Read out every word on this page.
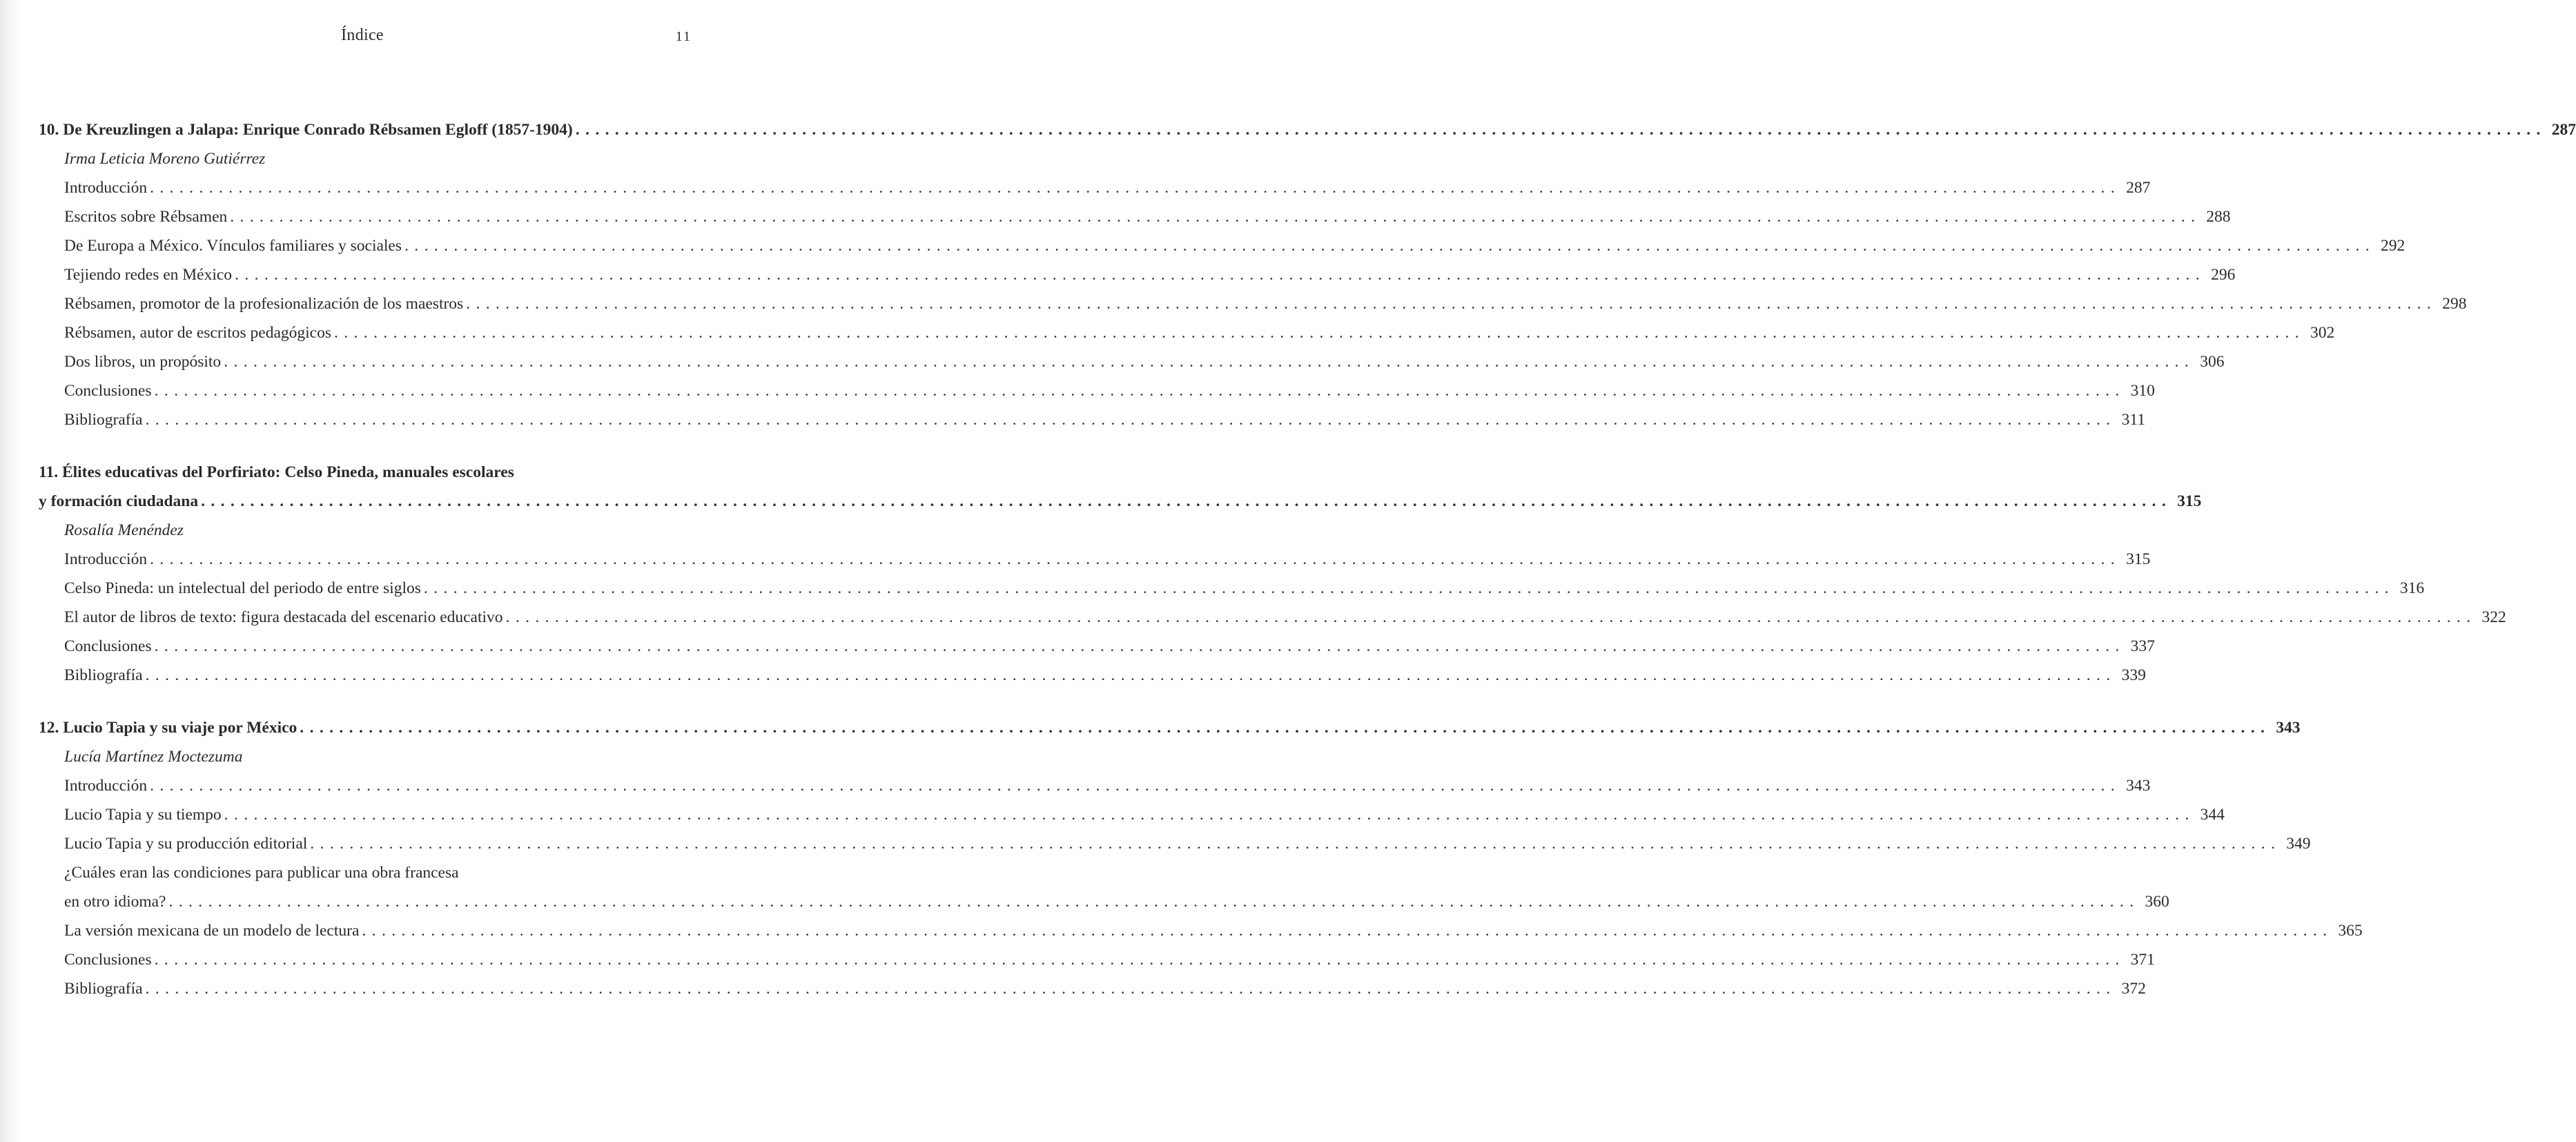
Índice	11
10. De Kreuzlingen a Jalapa: Enrique Conrado Rébsamen Egloff (1857-1904) ........................................................................................................................................................................................................ 287
Irma Leticia Moreno Gutiérrez
Introducción ........................................................................................................................................................................................................ 287
Escritos sobre Rébsamen ........................................................................................................................................................................................................ 288
De Europa a México. Vínculos familiares y sociales ........................................................................................................................................................................................................ 292
Tejiendo redes en México ........................................................................................................................................................................................................ 296
Rébsamen, promotor de la profesionalización de los maestros ........................................................................................................................................................................................................ 298
Rébsamen, autor de escritos pedagógicos ........................................................................................................................................................................................................ 302
Dos libros, un propósito ........................................................................................................................................................................................................ 306
Conclusiones ........................................................................................................................................................................................................ 310
Bibliografía ........................................................................................................................................................................................................ 311
11. Élites educativas del Porfiriato: Celso Pineda, manuales escolares
y formación ciudadana ........................................................................................................................................................................................................ 315
Rosalía Menéndez
Introducción ........................................................................................................................................................................................................ 315
Celso Pineda: un intelectual del periodo de entre siglos ........................................................................................................................................................................................................ 316
El autor de libros de texto: figura destacada del escenario educativo ........................................................................................................................................................................................................ 322
Conclusiones ........................................................................................................................................................................................................ 337
Bibliografía ........................................................................................................................................................................................................ 339
12. Lucio Tapia y su viaje por México ........................................................................................................................................................................................................ 343
Lucía Martínez Moctezuma
Introducción ........................................................................................................................................................................................................ 343
Lucio Tapia y su tiempo ........................................................................................................................................................................................................ 344
Lucio Tapia y su producción editorial ........................................................................................................................................................................................................ 349
¿Cuáles eran las condiciones para publicar una obra francesa
en otro idioma? ........................................................................................................................................................................................................ 360
La versión mexicana de un modelo de lectura ........................................................................................................................................................................................................ 365
Conclusiones ........................................................................................................................................................................................................ 371
Bibliografía ........................................................................................................................................................................................................ 372
